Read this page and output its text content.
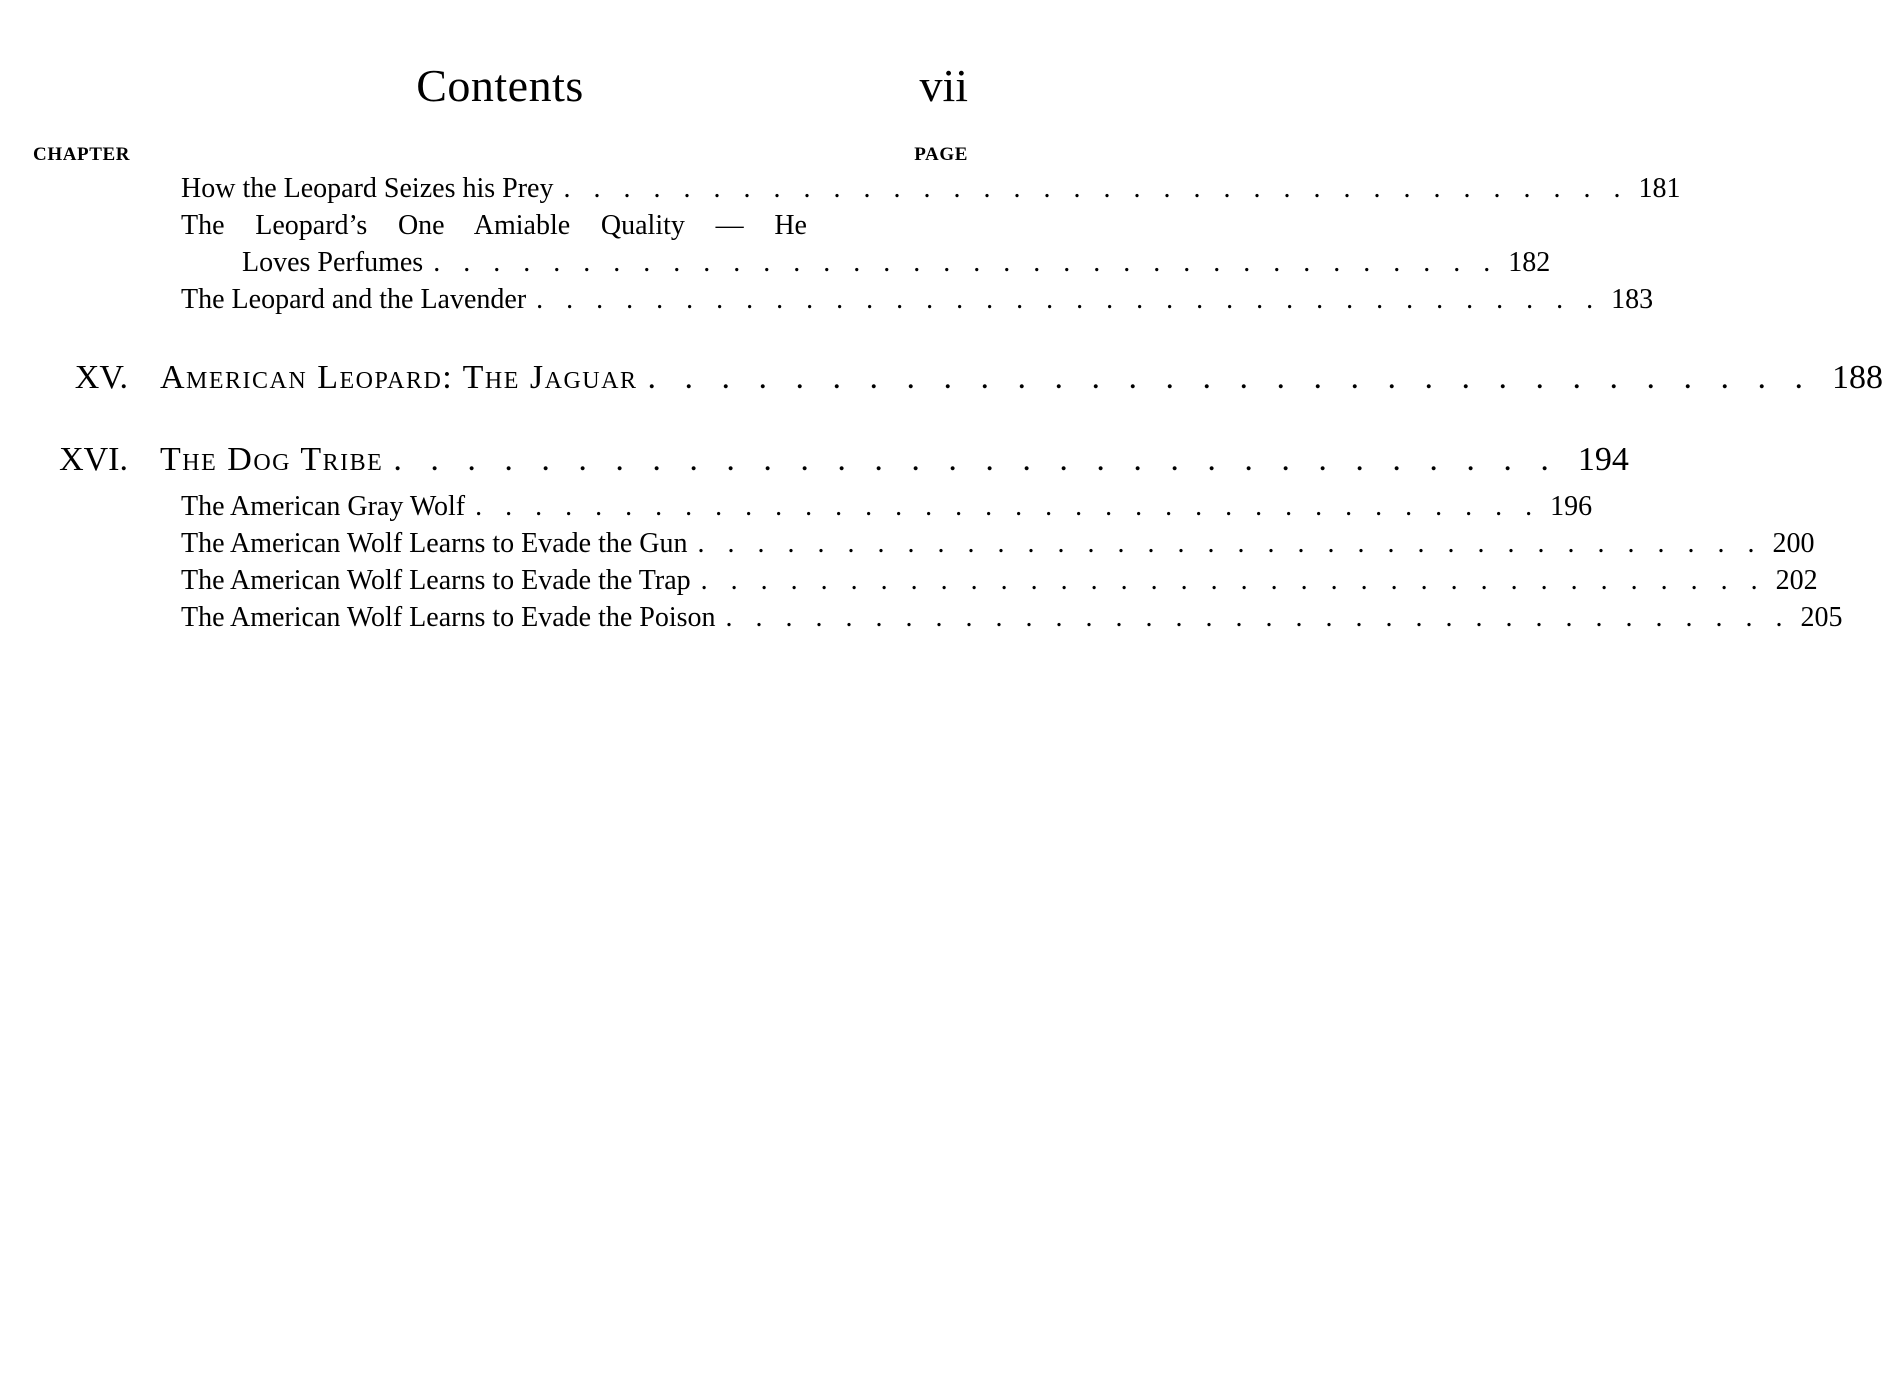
Contents	vii
CHAPTER	PAGE
How the Leopard Seizes his Prey . . . . . . . . . . . . . . . . . . . . . . . . . . . . . . . . . . . . 181
The Leopard’s One Amiable Quality — He
Loves Perfumes . . . . . . . . . . . . . . . . . . . . . . . . . . . . . . . . . . . . 182
The Leopard and the Lavender . . . . . . . . . . . . . . . . . . . . . . . . . . . . . . . . . . . . 183
XV. American Leopard: The Jaguar . . . . . . . . . . . . . . . . . . . . . . . . . . . . . . . . 188
XVI. The Dog Tribe . . . . . . . . . . . . . . . . . . . . . . . . . . . . . . . . 194
The American Gray Wolf . . . . . . . . . . . . . . . . . . . . . . . . . . . . . . . . . . . . 196
The American Wolf Learns to Evade the Gun . . . . . . . . . . . . . . . . . . . . . . . . . . . . . . . . . . . . 200
The American Wolf Learns to Evade the Trap . . . . . . . . . . . . . . . . . . . . . . . . . . . . . . . . . . . . 202
The American Wolf Learns to Evade the Poison . . . . . . . . . . . . . . . . . . . . . . . . . . . . . . . . . . . . 205
